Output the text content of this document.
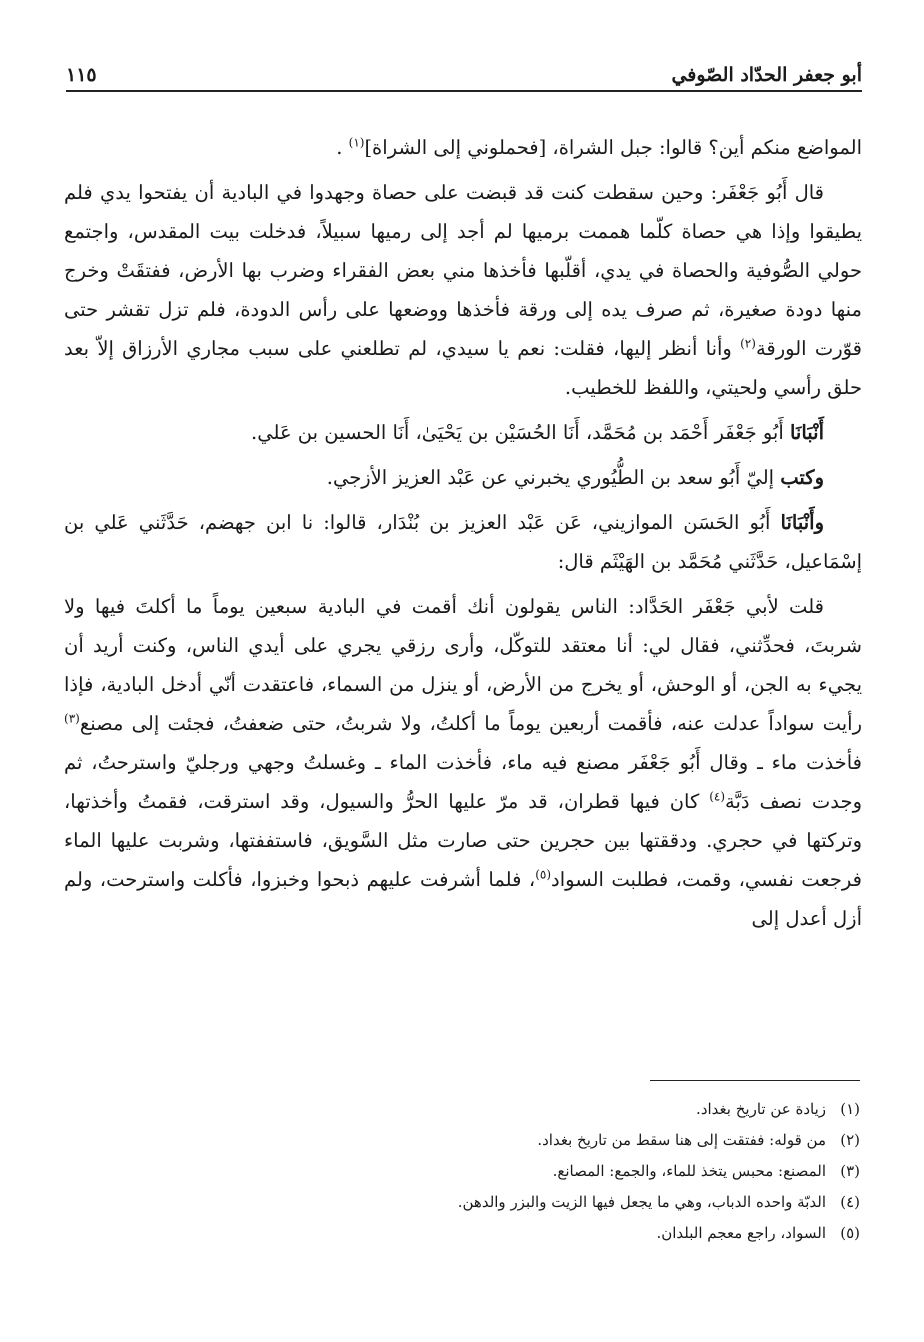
أبو جعفر الحدّاد الصّوفي
١١٥

المواضع منكم أين؟ قالوا: جبل الشراة، [فحملوني إلى الشراة]$^{(١)}$ .

قال أَبُو جَعْفَر: وحين سقطت كنت قد قبضت على حصاة وجهدوا في البادية أن يفتحوا يدي فلم يطيقوا وإذا هي حصاة كلّما هممت برميها لم أجد إلى رميها سبيلاً، فدخلت بيت المقدس، واجتمع حولي الصُّوفية والحصاة في يدي، أقلّبها فأخذها مني بعض الفقراء وضرب بها الأرض، ففتقَتْ وخرج منها دودة صغيرة، ثم صرف يده إلى ورقة فأخذها ووضعها على رأس الدودة، فلم تزل تقشر حتى قوّرت الورقة$^{(٢)}$ وأنا أنظر إليها، فقلت: نعم يا سيدي، لم تطلعني على سبب مجاري الأرزاق إلاّ بعد حلق رأسي ولحيتي، واللفظ للخطيب.

أَنْبَانَا أَبُو جَعْفَر أَحْمَد بن مُحَمَّد، أَنَا الحُسَيْن بن يَحْيَىٰ، أَنَا الحسين بن عَلي.

وكتب إليّ أَبُو سعد بن الطُّيُوري يخبرني عن عَبْد العزيز الأزجي.

وأَنْبَانَا أَبُو الحَسَن الموازيني، عَن عَبْد العزيز بن بُنْدَار، قالوا: نا ابن جهضم، حَدَّثَني عَلي بن إسْمَاعيل، حَدَّثَني مُحَمَّد بن الهَيْثَم قال:

قلت لأبي جَعْفَر الحَدَّاد: الناس يقولون أنك أقمت في البادية سبعين يوماً ما أكلتَ فيها ولا شربتَ، فحدِّثني، فقال لي: أنا معتقد للتوكّل، وأرى رزقي يجري على أيدي الناس، وكنت أريد أن يجيء به الجن، أو الوحش، أو يخرج من الأرض، أو ينزل من السماء، فاعتقدت أنّي أدخل البادية، فإذا رأيت سواداً عدلت عنه، فأقمت أربعين يوماً ما أكلتُ، ولا شربتُ، حتى ضعفتُ، فجئت إلى مصنع$^{(٣)}$ فأخذت ماء ـ وقال أَبُو جَعْفَر مصنع فيه ماء، فأخذت الماء ـ وغسلتُ وجهي ورجليّ واسترحتُ، ثم وجدت نصف دَبَّة$^{(٤)}$ كان فيها قطران، قد مرّ عليها الحرُّ والسيول، وقد استرقت، فقمتُ وأخذتها، وتركتها في حجري. ودققتها بين حجرين حتى صارت مثل السَّويق، فاستففتها، وشربت عليها الماء فرجعت نفسي، وقمت، فطلبت السواد$^{(٥)}$، فلما أشرفت عليهم ذبحوا وخبزوا، فأكلت واسترحت، ولم أزل أعدل إلى

(١)
زيادة عن تاريخ بغداد.
(٢)
من قوله: ففتقت إلى هنا سقط من تاريخ بغداد.
(٣)
المصنع: محبس يتخذ للماء، والجمع: المصانع.
(٤)
الدبّة واحده الدباب، وهي ما يجعل فيها الزيت والبزر والدهن.
(٥)
السواد، راجع معجم البلدان.
